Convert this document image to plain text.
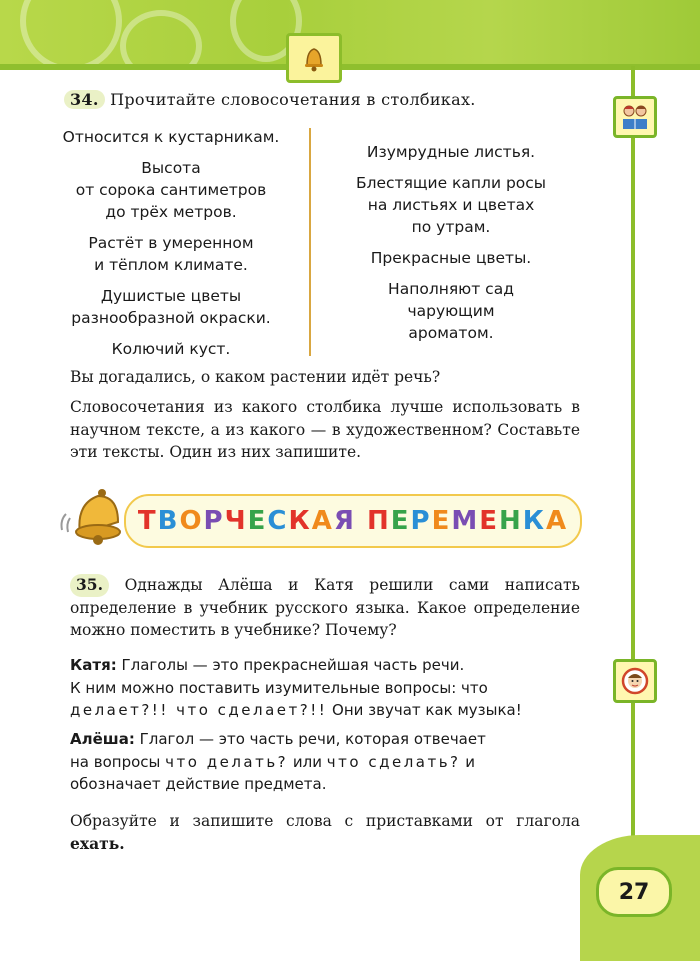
34. Прочитайте словосочетания в столбиках.
Относится к кустарникам.
Высота
от сорока сантиметров
до трёх метров.
Растёт в умеренном
и тёплом климате.
Душистые цветы
разнообразной окраски.
Колючий куст.
Изумрудные листья.
Блестящие капли росы
на листьях и цветах
по утрам.
Прекрасные цветы.
Наполняют сад
чарующим
ароматом.
Вы догадались, о каком растении идёт речь?
Словосочетания из какого столбика лучше использовать в научном тексте, а из какого — в художественном? Составьте эти тексты. Один из них запишите.
ТВОРЧЕСКАЯ ПЕРЕМЕНКА
35. Однажды Алёша и Катя решили сами написать определение в учебник русского языка. Какое определение можно поместить в учебнике? Почему?
Катя: Глаголы — это прекраснейшая часть речи.
К ним можно поставить изумительные вопросы: что
делает?!! что сделает?!! Они звучат как музыка!
Алёша: Глагол — это часть речи, которая отвечает
на вопросы что делать? или что сделать? и
обозначает действие предмета.
Образуйте и запишите слова с приставками от глагола ехать.
27
